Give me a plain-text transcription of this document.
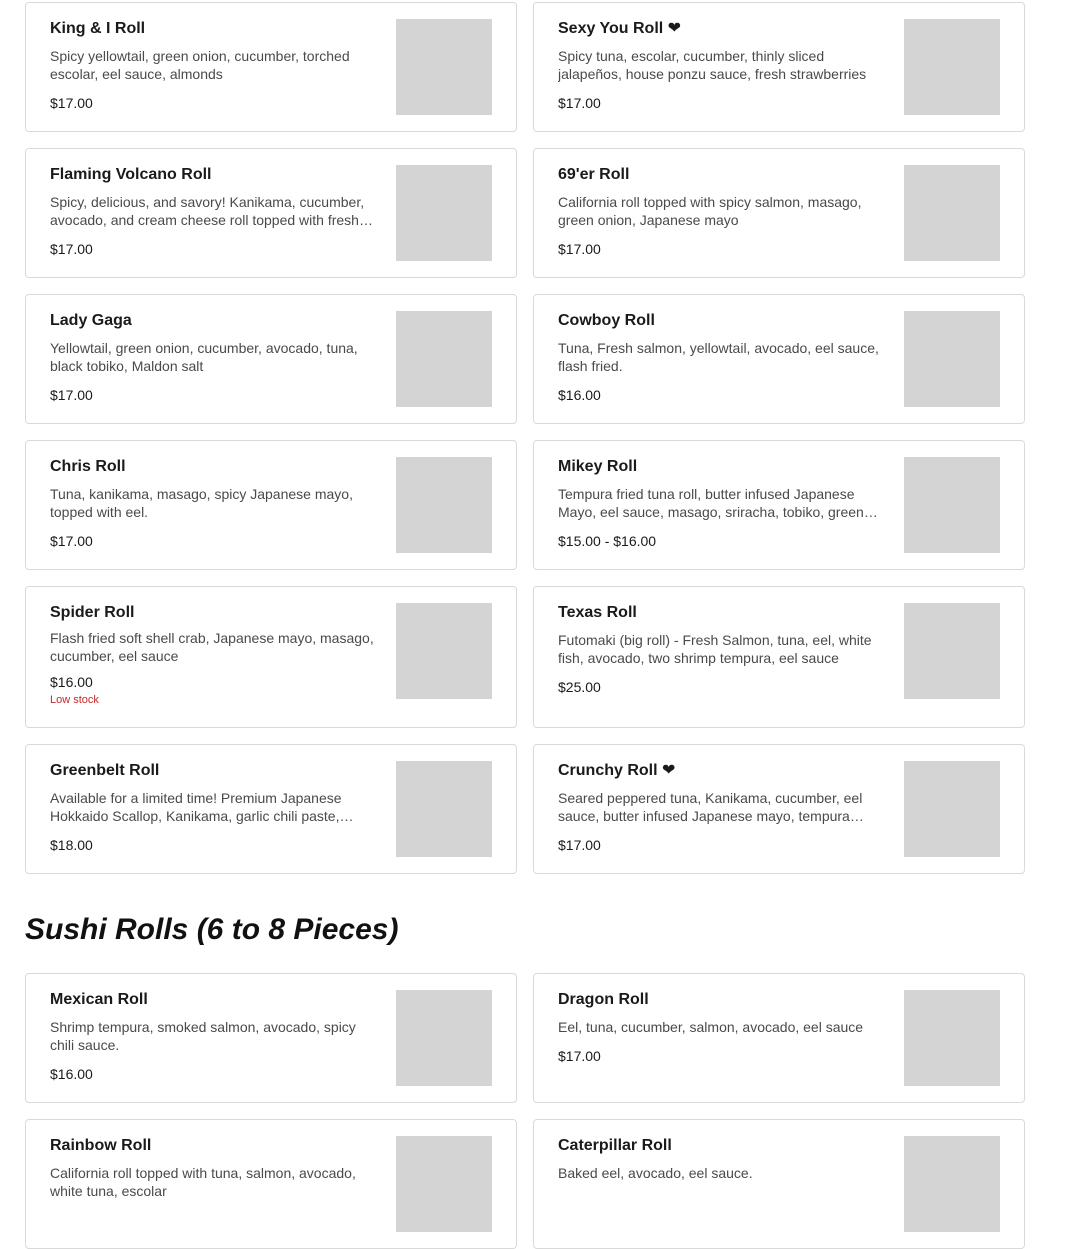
King & I Roll
Spicy yellowtail, green onion, cucumber, torched escolar, eel sauce, almonds
$17.00
Sexy You Roll ❤
Spicy tuna, escolar, cucumber, thinly sliced jalapeños, house ponzu sauce, fresh strawberries
$17.00
Flaming Volcano Roll
Spicy, delicious, and savory! Kanikama, cucumber, avocado, and cream cheese roll topped with fresh
$17.00
69'er Roll
California roll topped with spicy salmon, masago, green onion, Japanese mayo
$17.00
Lady Gaga
Yellowtail, green onion, cucumber, avocado, tuna, black tobiko, Maldon salt
$17.00
Cowboy Roll
Tuna, Fresh salmon, yellowtail, avocado, eel sauce, flash fried.
$16.00
Chris Roll
Tuna, kanikama, masago, spicy Japanese mayo, topped with eel.
$17.00
Mikey Roll
Tempura fried tuna roll, butter infused Japanese Mayo, eel sauce, masago, sriracha, tobiko, green
$15.00 - $16.00
Spider Roll
Flash fried soft shell crab, Japanese mayo, masago, cucumber, eel sauce
$16.00
Low stock
Texas Roll
Futomaki (big roll) - Fresh Salmon, tuna, eel, white fish, avocado, two shrimp tempura, eel sauce
$25.00
Greenbelt Roll
Available for a limited time! Premium Japanese Hokkaido Scallop, Kanikama, garlic chili paste,
$18.00
Crunchy Roll ❤
Seared peppered tuna, Kanikama, cucumber, eel sauce, butter infused Japanese mayo, tempura
$17.00
Sushi Rolls (6 to 8 Pieces)
Mexican Roll
Shrimp tempura, smoked salmon, avocado, spicy chili sauce.
$16.00
Dragon Roll
Eel, tuna, cucumber, salmon, avocado, eel sauce
$17.00
Rainbow Roll
California roll topped with tuna, salmon, avocado, white tuna, escolar
Caterpillar Roll
Baked eel, avocado, eel sauce.
